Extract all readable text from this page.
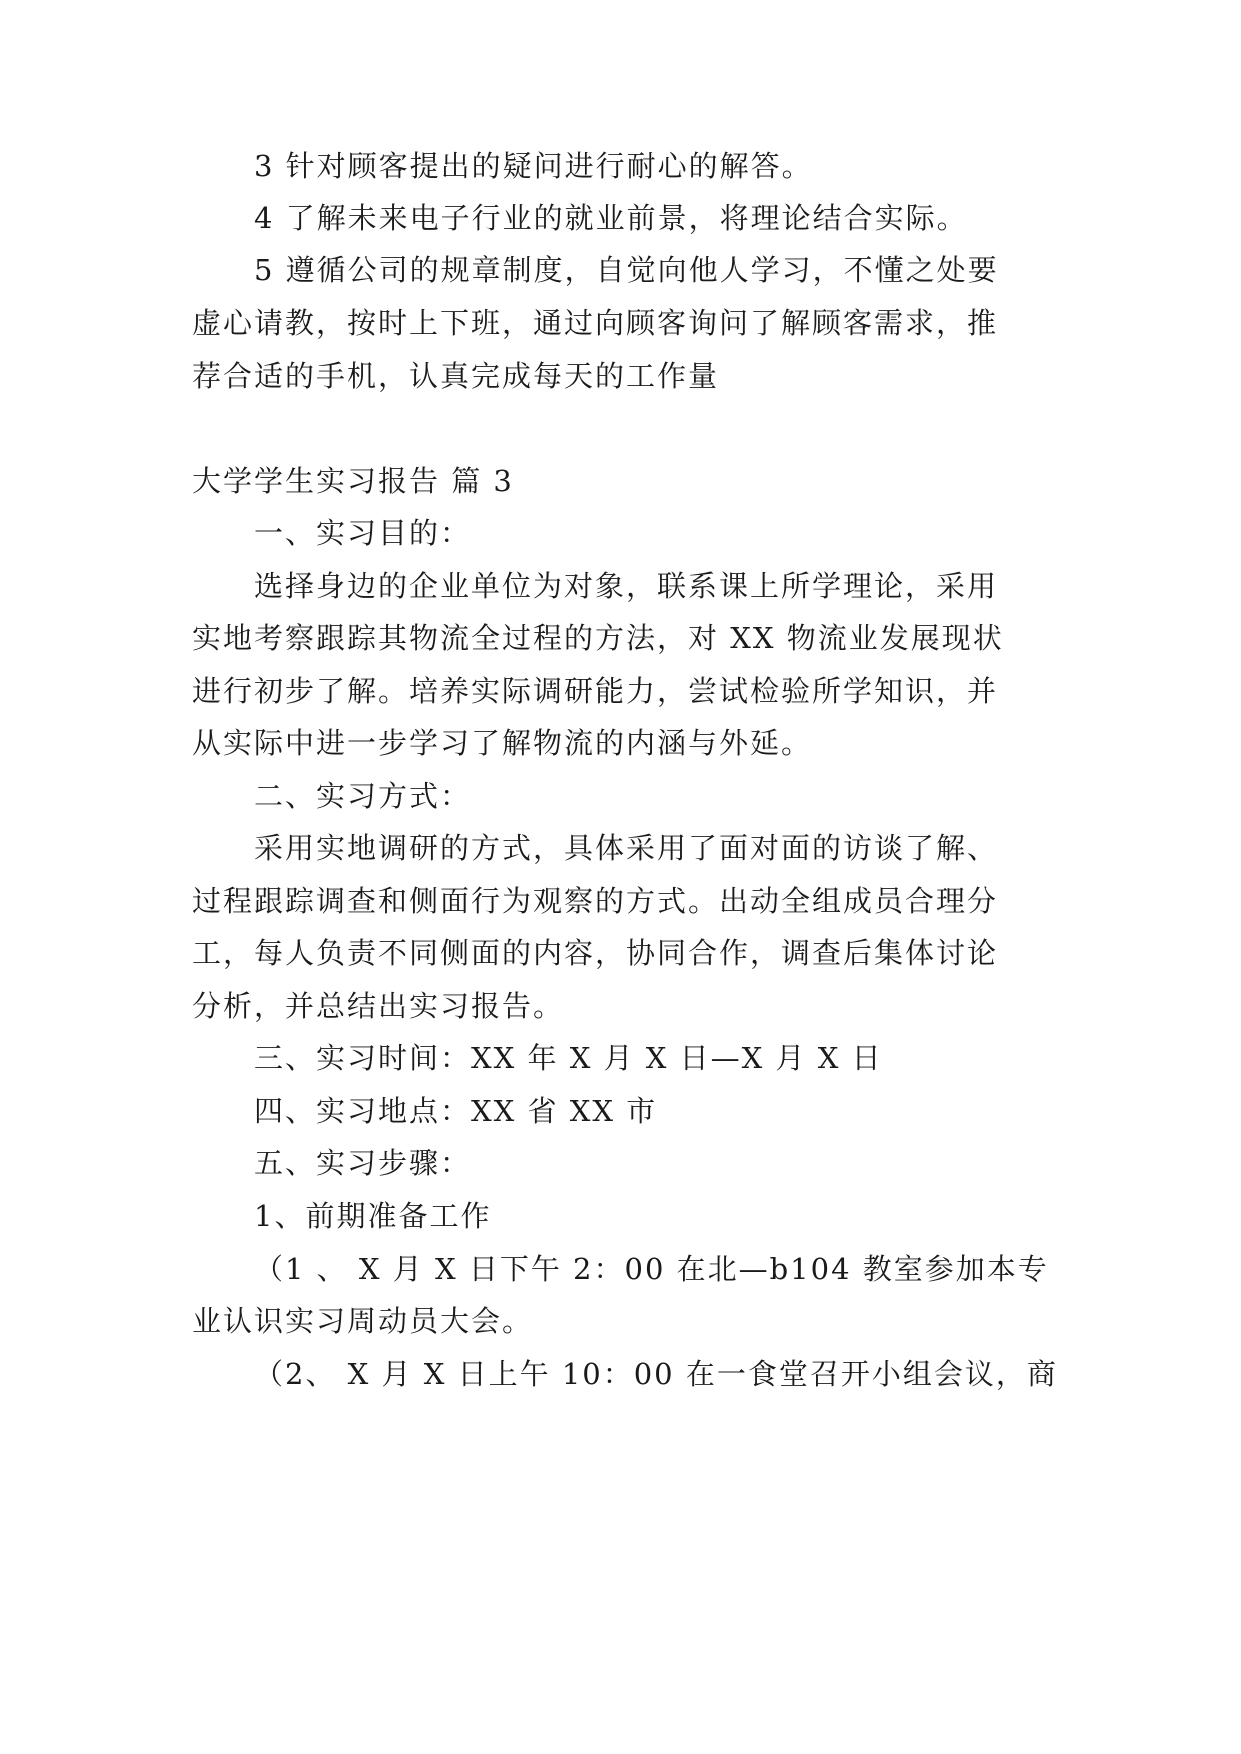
3 针对顾客提出的疑问进行耐心的解答。
4 了解未来电子行业的就业前景，将理论结合实际。
5 遵循公司的规章制度，自觉向他人学习，不懂之处要
虚心请教，按时上下班，通过向顾客询问了解顾客需求，推
荐合适的手机，认真完成每天的工作量
大学学生实习报告 篇 3
一、实习目的：
选择身边的企业单位为对象，联系课上所学理论，采用
实地考察跟踪其物流全过程的方法，对 XX 物流业发展现状
进行初步了解。培养实际调研能力，尝试检验所学知识，并
从实际中进一步学习了解物流的内涵与外延。
二、实习方式：
采用实地调研的方式，具体采用了面对面的访谈了解、
过程跟踪调查和侧面行为观察的方式。出动全组成员合理分
工，每人负责不同侧面的内容，协同合作，调查后集体讨论
分析，并总结出实习报告。
三、实习时间：XX 年 X 月 X 日—X 月 X 日
四、实习地点：XX 省 XX 市
五、实习步骤：
1、前期准备工作
（1 、 X 月 X 日下午 2：00 在北—b104 教室参加本专
业认识实习周动员大会。
（2、 X 月 X 日上午 10：00 在一食堂召开小组会议，商
